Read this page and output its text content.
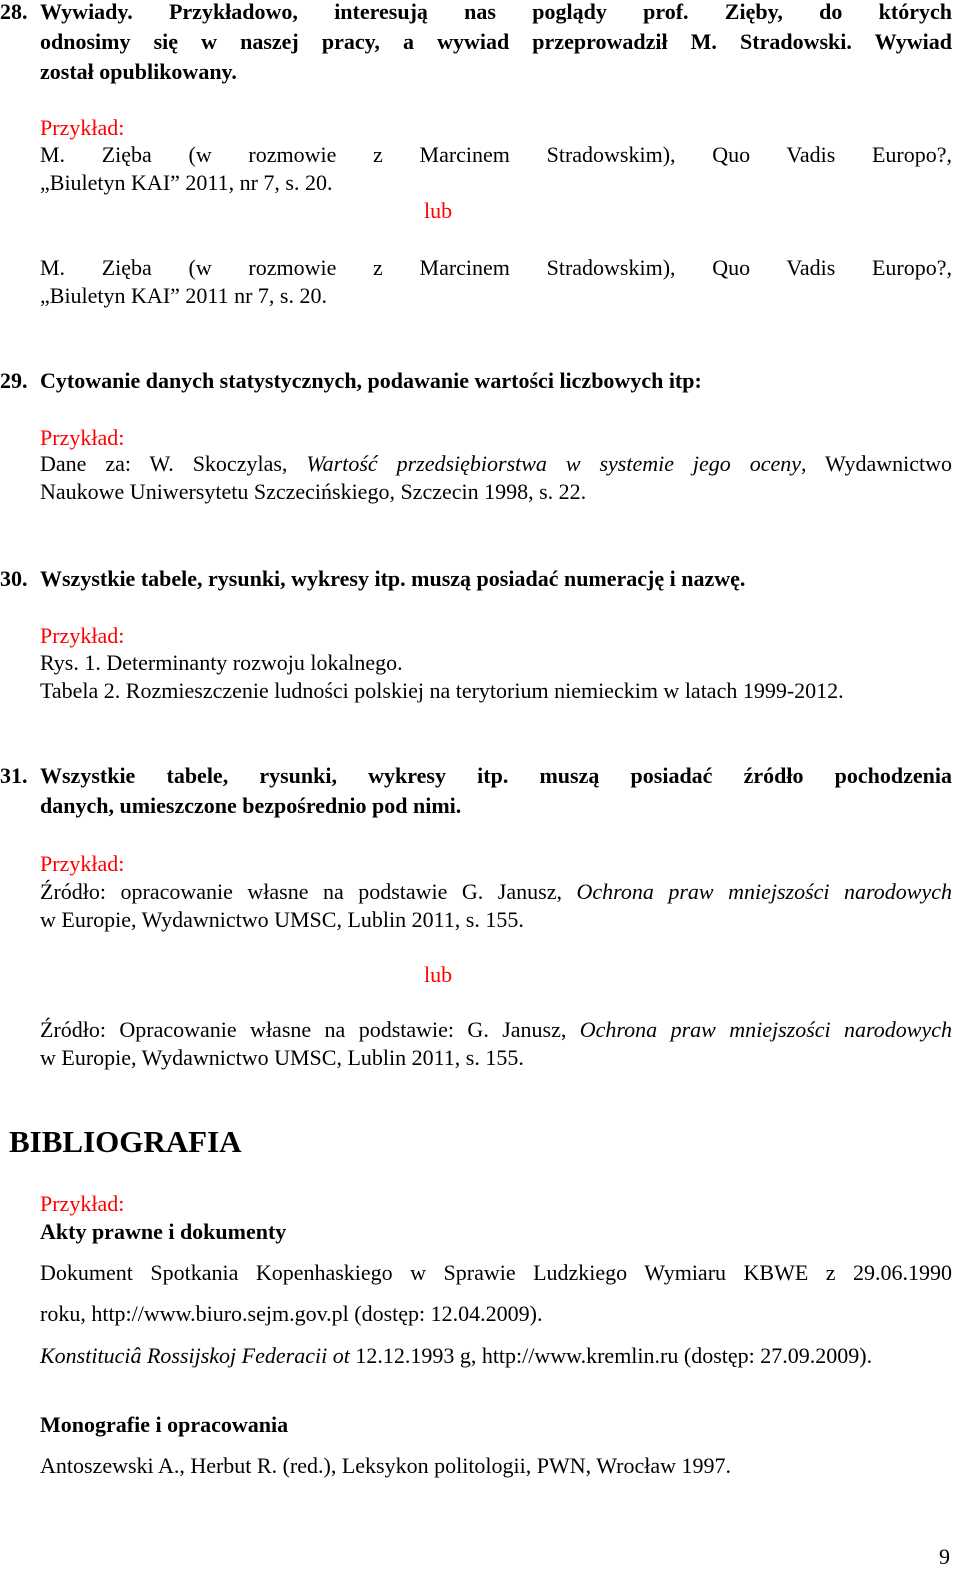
28. Wywiady. Przykładowo, interesują nas poglądy prof. Zięby, do których
odnosimy się w naszej pracy, a wywiad przeprowadził M. Stradowski. Wywiad
został opublikowany.
Przykład:
M. Zięba (w rozmowie z Marcinem Stradowskim), Quo Vadis Europo?,
„Biuletyn KAI” 2011, nr 7, s. 20.
lub
M. Zięba (w rozmowie z Marcinem Stradowskim), Quo Vadis Europo?,
„Biuletyn KAI” 2011 nr 7, s. 20.
29. Cytowanie danych statystycznych, podawanie wartości liczbowych itp:
Przykład:
Dane za: W. Skoczylas, Wartość przedsiębiorstwa w systemie jego oceny, Wydawnictwo
Naukowe Uniwersytetu Szczecińskiego, Szczecin 1998, s. 22.
30. Wszystkie tabele, rysunki, wykresy itp. muszą posiadać numerację i nazwę.
Przykład:
Rys. 1. Determinanty rozwoju lokalnego.
Tabela 2. Rozmieszczenie ludności polskiej na terytorium niemieckim w latach 1999-2012.
31. Wszystkie tabele, rysunki, wykresy itp. muszą posiadać źródło pochodzenia
danych, umieszczone bezpośrednio pod nimi.
Przykład:
Źródło: opracowanie własne na podstawie G. Janusz, Ochrona praw mniejszości narodowych
w Europie, Wydawnictwo UMSC, Lublin 2011, s. 155.
lub
Źródło: Opracowanie własne na podstawie: G. Janusz, Ochrona praw mniejszości narodowych
w Europie, Wydawnictwo UMSC, Lublin 2011, s. 155.
BIBLIOGRAFIA
Przykład:
Akty prawne i dokumenty
Dokument Spotkania Kopenhaskiego w Sprawie Ludzkiego Wymiaru KBWE z 29.06.1990
roku, http://www.biuro.sejm.gov.pl (dostęp: 12.04.2009).
Konstituciâ Rossijskoj Federacii ot 12.12.1993 g, http://www.kremlin.ru (dostęp: 27.09.2009).
Monografie i opracowania
Antoszewski A., Herbut R. (red.), Leksykon politologii, PWN, Wrocław 1997.
9
